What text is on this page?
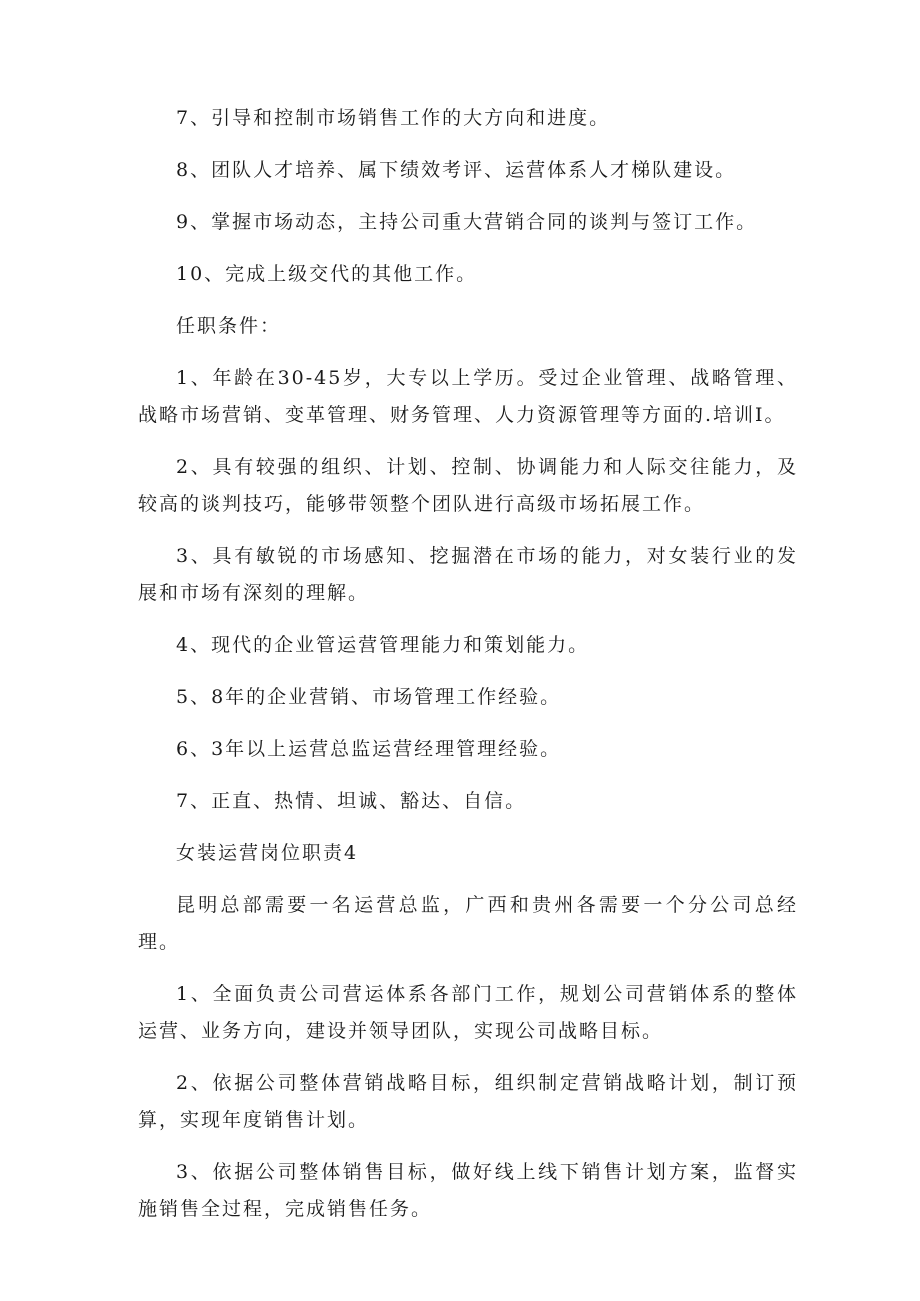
7、引导和控制市场销售工作的大方向和进度。

8、团队人才培养、属下绩效考评、运营体系人才梯队建设。

9、掌握市场动态，主持公司重大营销合同的谈判与签订工作。

10、完成上级交代的其他工作。

任职条件：

1、年龄在30-45岁，大专以上学历。受过企业管理、战略管理、战略市场营销、变革管理、财务管理、人力资源管理等方面的.培训I。

2、具有较强的组织、计划、控制、协调能力和人际交往能力，及较高的谈判技巧，能够带领整个团队进行高级市场拓展工作。

3、具有敏锐的市场感知、挖掘潜在市场的能力，对女装行业的发展和市场有深刻的理解。

4、现代的企业管运营管理能力和策划能力。

5、8年的企业营销、市场管理工作经验。

6、3年以上运营总监运营经理管理经验。

7、正直、热情、坦诚、豁达、自信。

女装运营岗位职责4

昆明总部需要一名运营总监，广西和贵州各需要一个分公司总经理。

1、全面负责公司营运体系各部门工作，规划公司营销体系的整体运营、业务方向，建设并领导团队，实现公司战略目标。

2、依据公司整体营销战略目标，组织制定营销战略计划，制订预算，实现年度销售计划。

3、依据公司整体销售目标，做好线上线下销售计划方案，监督实施销售全过程，完成销售任务。
